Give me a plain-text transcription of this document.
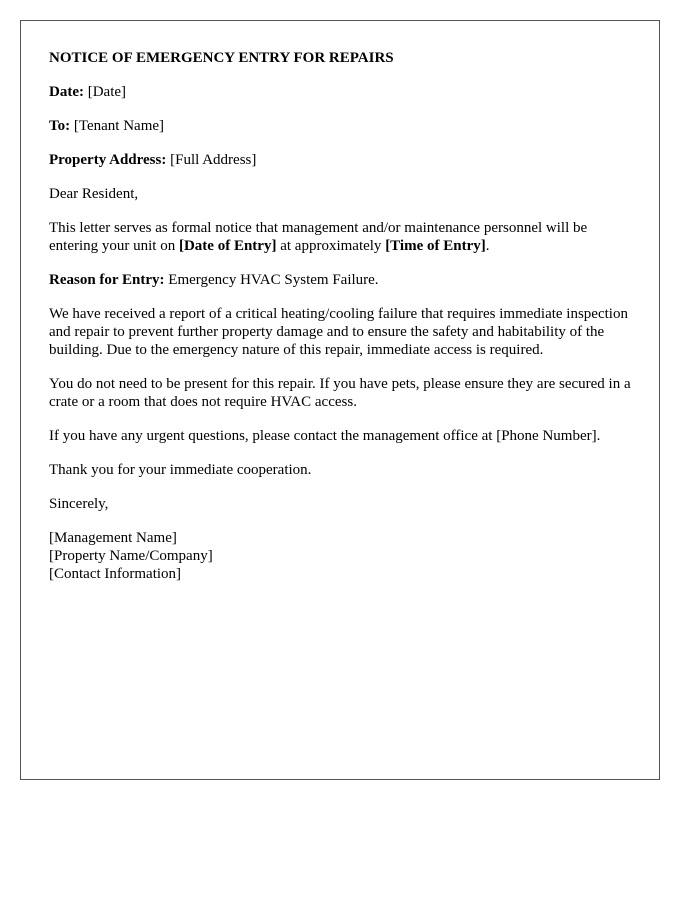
NOTICE OF EMERGENCY ENTRY FOR REPAIRS

Date: [Date]

To: [Tenant Name]

Property Address: [Full Address]

Dear Resident,

This letter serves as formal notice that management and/or maintenance personnel will be entering your unit on [Date of Entry] at approximately [Time of Entry].

Reason for Entry: Emergency HVAC System Failure.

We have received a report of a critical heating/cooling failure that requires immediate inspection and repair to prevent further property damage and to ensure the safety and habitability of the building. Due to the emergency nature of this repair, immediate access is required.

You do not need to be present for this repair. If you have pets, please ensure they are secured in a crate or a room that does not require HVAC access.

If you have any urgent questions, please contact the management office at [Phone Number].

Thank you for your immediate cooperation.

Sincerely,

[Management Name]
[Property Name/Company]
[Contact Information]
